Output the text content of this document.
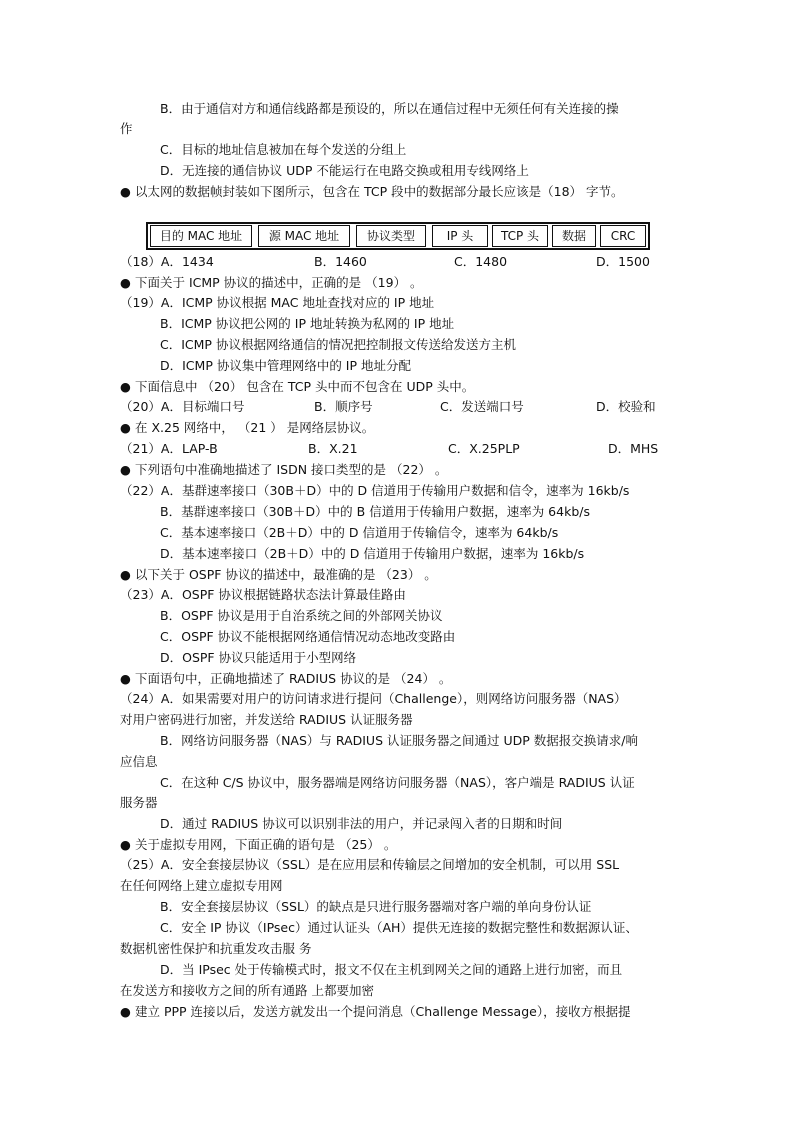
B．由于通信对方和通信线路都是预设的，所以在通信过程中无须任何有关连接的操
作
C．目标的地址信息被加在每个发送的分组上
D．无连接的通信协议 UDP 不能运行在电路交换或租用专线网络上
● 以太网的数据帧封装如下图所示，包含在 TCP 段中的数据部分最长应该是（18） 字节。
目的 MAC 地址	源 MAC 地址	协议类型	IP 头	TCP 头	数据	CRC
（18）A．1434	B．1460	C．1480	D．1500
● 下面关于 ICMP 协议的描述中，正确的是 （19） 。
（19）A．ICMP 协议根据 MAC 地址查找对应的 IP 地址
B．ICMP 协议把公网的 IP 地址转换为私网的 IP 地址
C．ICMP 协议根据网络通信的情况把控制报文传送给发送方主机
D．ICMP 协议集中管理网络中的 IP 地址分配
● 下面信息中 （20） 包含在 TCP 头中而不包含在 UDP 头中。
（20）A．目标端口号	B．顺序号	C．发送端口号	D．校验和
● 在 X.25 网络中， （21 ） 是网络层协议。
（21）A．LAP-B	B．X.21	C．X.25PLP	D．MHS
● 下列语句中准确地描述了 ISDN 接口类型的是 （22） 。
（22）A．基群速率接口（30B＋D）中的 D 信道用于传输用户数据和信令，速率为 16kb/s
B．基群速率接口（30B＋D）中的 B 信道用于传输用户数据，速率为 64kb/s
C．基本速率接口（2B＋D）中的 D 信道用于传输信令，速率为 64kb/s
D．基本速率接口（2B＋D）中的 D 信道用于传输用户数据，速率为 16kb/s
● 以下关于 OSPF 协议的描述中，最准确的是 （23） 。
（23）A．OSPF 协议根据链路状态法计算最佳路由
B．OSPF 协议是用于自治系统之间的外部网关协议
C．OSPF 协议不能根据网络通信情况动态地改变路由
D．OSPF 协议只能适用于小型网络
● 下面语句中，正确地描述了 RADIUS 协议的是 （24） 。
（24）A．如果需要对用户的访问请求进行提问（Challenge），则网络访问服务器（NAS）
对用户密码进行加密，并发送给 RADIUS 认证服务器
B．网络访问服务器（NAS）与 RADIUS 认证服务器之间通过 UDP 数据报交换请求/响
应信息
C．在这种 C/S 协议中，服务器端是网络访问服务器（NAS），客户端是 RADIUS 认证
服务器
D．通过 RADIUS 协议可以识别非法的用户，并记录闯入者的日期和时间
● 关于虚拟专用网，下面正确的语句是 （25） 。
（25）A．安全套接层协议（SSL）是在应用层和传输层之间增加的安全机制，可以用 SSL
在任何网络上建立虚拟专用网
B．安全套接层协议（SSL）的缺点是只进行服务器端对客户端的单向身份认证
C．安全 IP 协议（IPsec）通过认证头（AH）提供无连接的数据完整性和数据源认证、
数据机密性保护和抗重发攻击服 务
D．当 IPsec 处于传输模式时，报文不仅在主机到网关之间的通路上进行加密，而且
在发送方和接收方之间的所有通路 上都要加密
● 建立 PPP 连接以后，发送方就发出一个提问消息（Challenge Message），接收方根据提
